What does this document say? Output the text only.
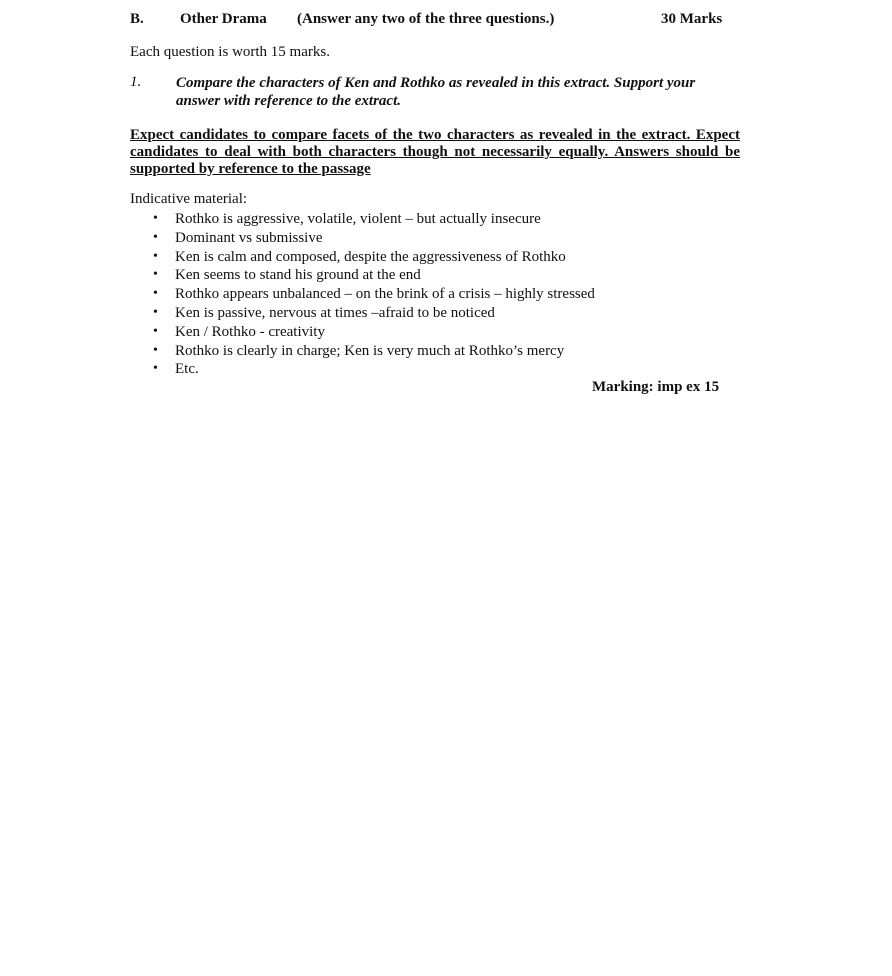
B. Other Drama (Answer any two of the three questions.)	30 Marks
Each question is worth 15 marks.
1. Compare the characters of Ken and Rothko as revealed in this extract. Support your answer with reference to the extract.
Expect candidates to compare facets of the two characters as revealed in the extract. Expect candidates to deal with both characters though not necessarily equally. Answers should be supported by reference to the passage
Indicative material:
• Rothko is aggressive, volatile, violent – but actually insecure
• Dominant vs submissive
• Ken is calm and composed, despite the aggressiveness of Rothko
• Ken seems to stand his ground at the end
• Rothko appears unbalanced – on the brink of a crisis – highly stressed
• Ken is passive, nervous at times –afraid to be noticed
• Ken / Rothko - creativity
• Rothko is clearly in charge; Ken is very much at Rothko’s mercy
• Etc.
Marking: imp ex 15
